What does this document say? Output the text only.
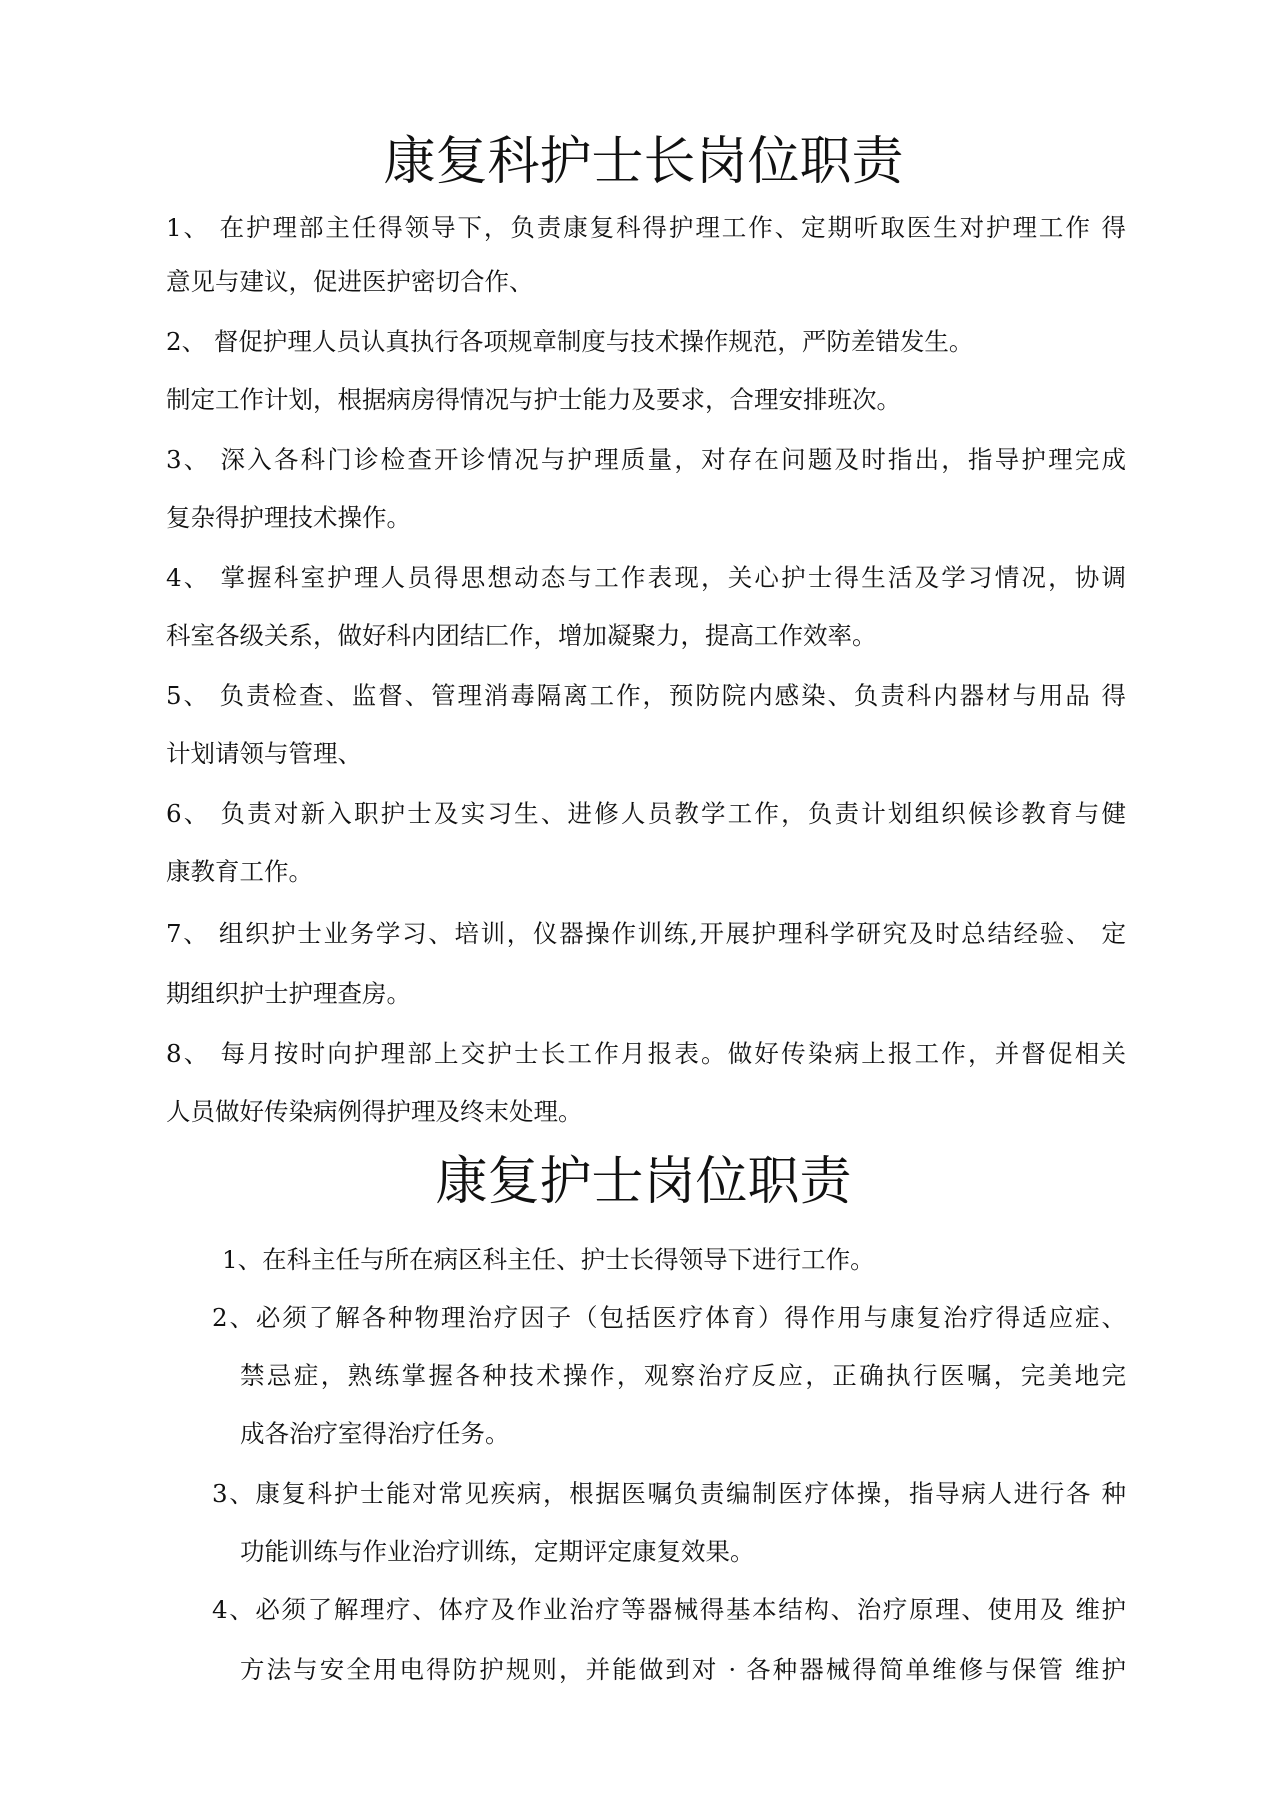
康复科护士长岗位职责
1、 在护理部主任得领导下，负责康复科得护理工作、定期听取医生对护理工作 得
意见与建议，促进医护密切合作、
2、 督促护理人员认真执行各项规章制度与技术操作规范，严防差错发生。
制定工作计划，根据病房得情况与护士能力及要求，合理安排班次。
3、 深入各科门诊检查开诊情况与护理质量，对存在问题及时指出，指导护理完成
复杂得护理技术操作。
4、 掌握科室护理人员得思想动态与工作表现，关心护士得生活及学习情况，协调
科室各级关系，做好科内团结匚作，增加凝聚力，提高工作效率。
5、 负责检查、监督、管理消毒隔离工作，预防院内感染、负责科内器材与用品 得
计划请领与管理、
6、 负责对新入职护士及实习生、进修人员教学工作，负责计划组织候诊教育与健
康教育工作。
7、 组织护士业务学习、培训，仪器操作训练,开展护理科学研究及时总结经验、 定
期组织护士护理查房。
8、 每月按时向护理部上交护士长工作月报表。做好传染病上报工作，并督促相关
人员做好传染病例得护理及终末处理。
康复护士岗位职责
1、在科主任与所在病区科主任、护士长得领导下进行工作。
2、必须了解各种物理治疗因子（包括医疗体育）得作用与康复治疗得适应症、
禁忌症，熟练掌握各种技术操作，观察治疗反应，正确执行医嘱，完美地完
成各治疗室得治疗任务。
3、康复科护士能对常见疾病，根据医嘱负责编制医疗体操，指导病人进行各 种
功能训练与作业治疗训练，定期评定康复效果。
4、必须了解理疗、体疗及作业治疗等器械得基本结构、治疗原理、使用及 维护
方法与安全用电得防护规则，并能做到对 · 各种器械得简单维修与保管 维护
